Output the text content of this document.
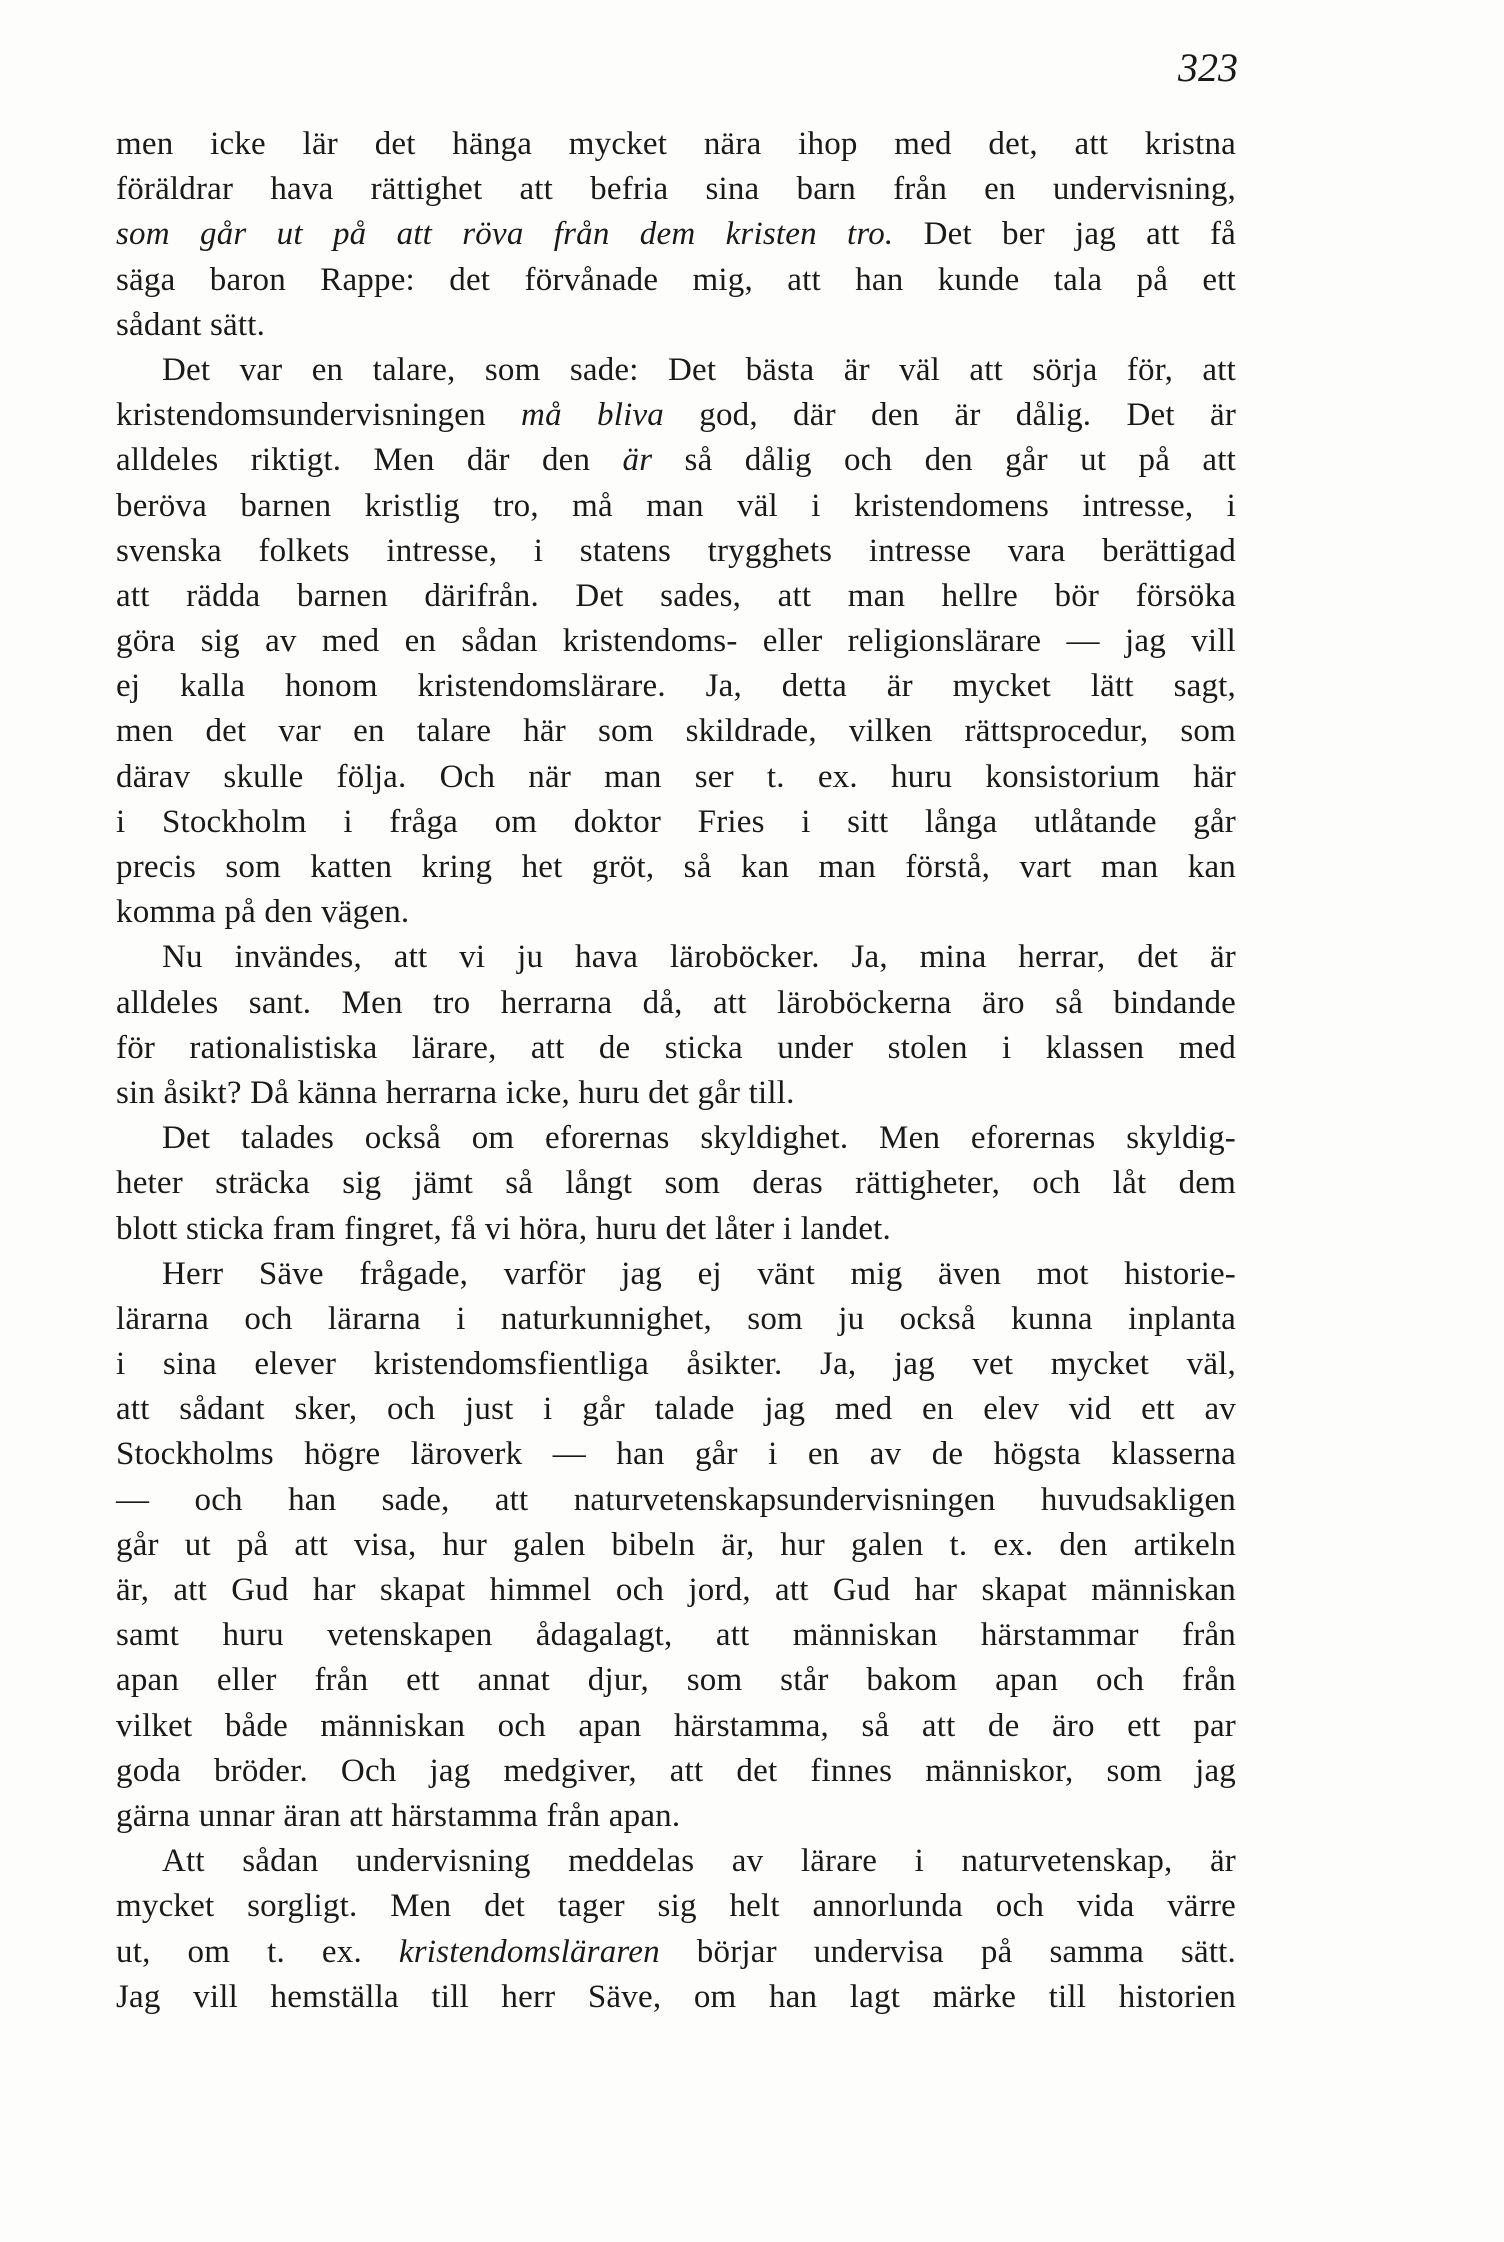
323
men icke lär det hänga mycket nära ihop med det, att kristna
föräldrar hava rättighet att befria sina barn från en undervisning,
som går ut på att röva från dem kristen tro. Det ber jag att få
säga baron Rappe: det förvånade mig, att han kunde tala på ett
sådant sätt.
Det var en talare, som sade: Det bästa är väl att sörja för, att
kristendomsundervisningen må bliva god, där den är dålig. Det är
alldeles riktigt. Men där den är så dålig och den går ut på att
beröva barnen kristlig tro, må man väl i kristendomens intresse, i
svenska folkets intresse, i statens trygghets intresse vara berättigad
att rädda barnen därifrån. Det sades, att man hellre bör försöka
göra sig av med en sådan kristendoms- eller religionslärare — jag vill
ej kalla honom kristendomslärare. Ja, detta är mycket lätt sagt,
men det var en talare här som skildrade, vilken rättsprocedur, som
därav skulle följa. Och när man ser t. ex. huru konsistorium här
i Stockholm i fråga om doktor Fries i sitt långa utlåtande går
precis som katten kring het gröt, så kan man förstå, vart man kan
komma på den vägen.
Nu invändes, att vi ju hava läroböcker. Ja, mina herrar, det är
alldeles sant. Men tro herrarna då, att läroböckerna äro så bindande
för rationalistiska lärare, att de sticka under stolen i klassen med
sin åsikt? Då känna herrarna icke, huru det går till.
Det talades också om eforernas skyldighet. Men eforernas skyldig-
heter sträcka sig jämt så långt som deras rättigheter, och låt dem
blott sticka fram fingret, få vi höra, huru det låter i landet.
Herr Säve frågade, varför jag ej vänt mig även mot historie-
lärarna och lärarna i naturkunnighet, som ju också kunna inplanta
i sina elever kristendomsfientliga åsikter. Ja, jag vet mycket väl,
att sådant sker, och just i går talade jag med en elev vid ett av
Stockholms högre läroverk — han går i en av de högsta klasserna
— och han sade, att naturvetenskapsundervisningen huvudsakligen
går ut på att visa, hur galen bibeln är, hur galen t. ex. den artikeln
är, att Gud har skapat himmel och jord, att Gud har skapat människan
samt huru vetenskapen ådagalagt, att människan härstammar från
apan eller från ett annat djur, som står bakom apan och från
vilket både människan och apan härstamma, så att de äro ett par
goda bröder. Och jag medgiver, att det finnes människor, som jag
gärna unnar äran att härstamma från apan.
Att sådan undervisning meddelas av lärare i naturvetenskap, är
mycket sorgligt. Men det tager sig helt annorlunda och vida värre
ut, om t. ex. kristendomsläraren börjar undervisa på samma sätt.
Jag vill hemställa till herr Säve, om han lagt märke till historien
